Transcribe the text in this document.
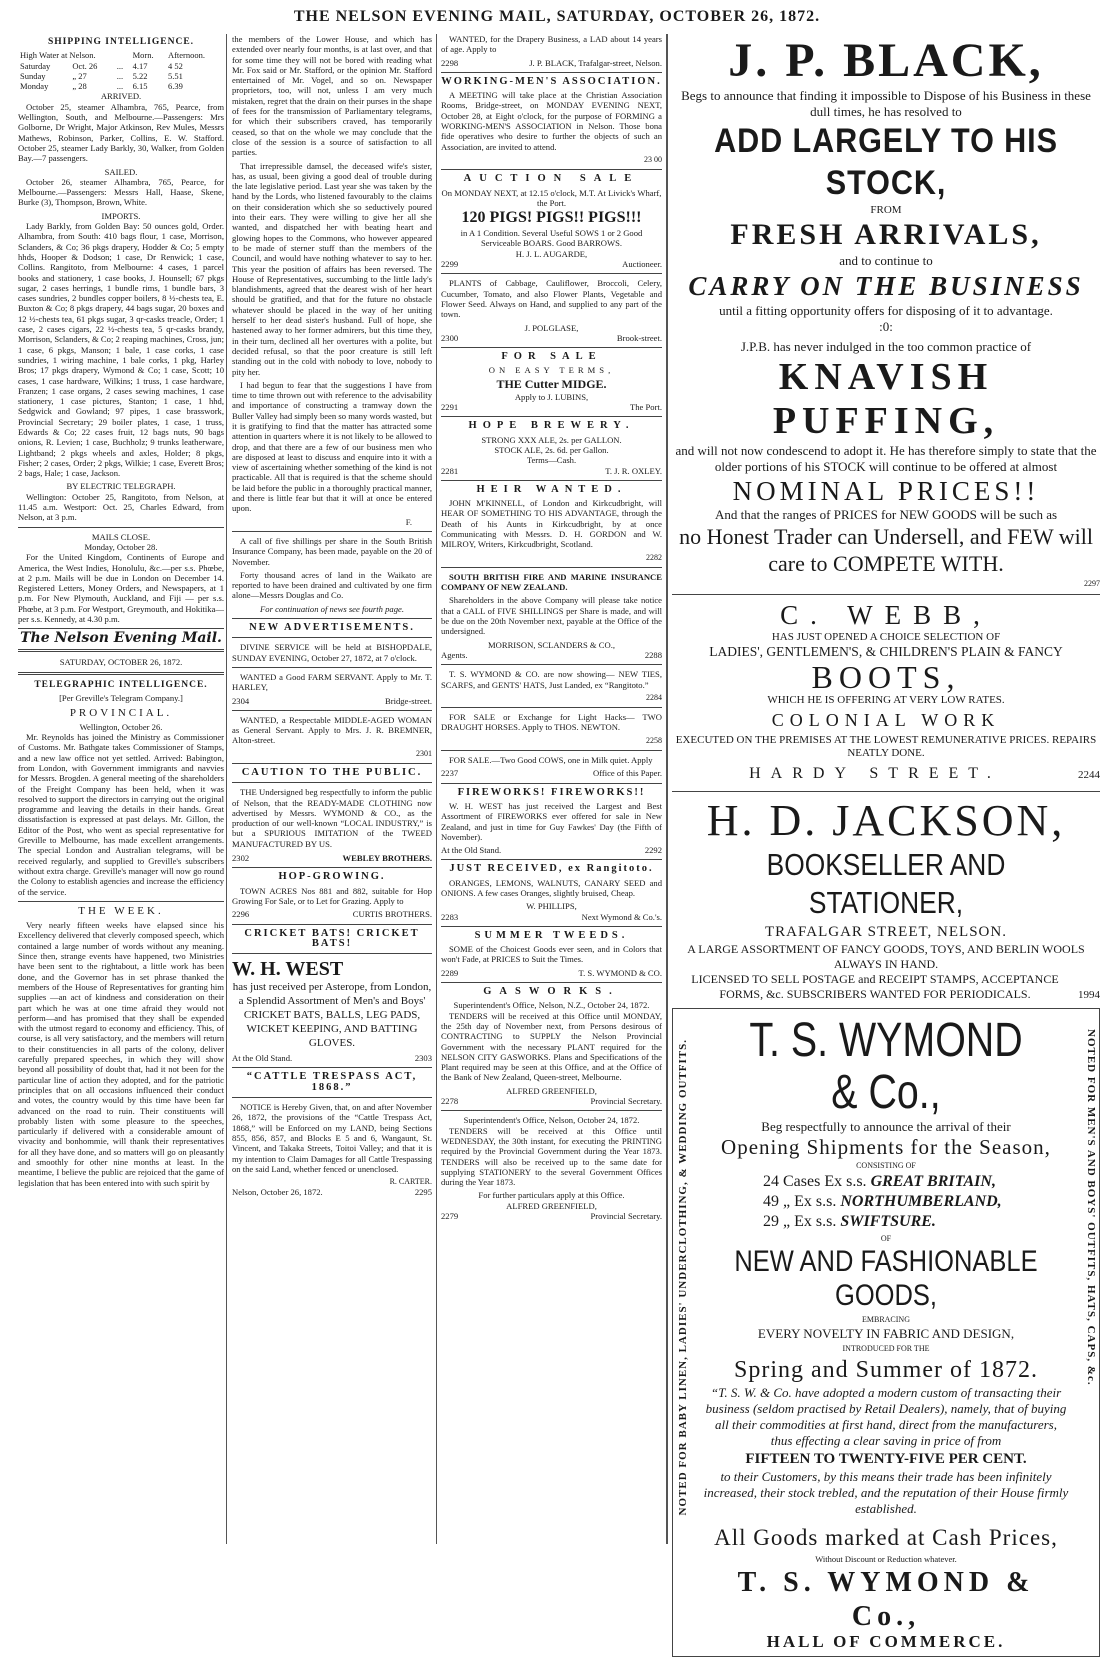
THE NELSON EVENING MAIL, SATURDAY, OCTOBER 26, 1872.
SHIPPING INTELLIGENCE.
High Water at Nelson.			Morn.	Afternoon.
Saturday	Oct. 26	...	4.17	4 52
Sunday	„ 27	...	5.22	5.51
Monday	„ 28	...	6.15	6.39
ARRIVED.

October 25, steamer Alhambra, 765, Pearce, from Wellington, South, and Melbourne.—Passengers: Mrs Golborne, Dr Wright, Major Atkinson, Rev Mules, Messrs Mathews, Robinson, Parker, Collins, E. W. Stafford. October 25, steamer Lady Barkly, 30, Walker, from Golden Bay.—7 passengers.

SAILED.

October 26, steamer Alhambra, 765, Pearce, for Melbourne.—Passengers: Messrs Hall, Haase, Skene, Burke (3), Thompson, Brown, White.

IMPORTS.

Lady Barkly, from Golden Bay: 50 ounces gold, Order. Alhambra, from South: 410 bags flour, 1 case, Morrison, Sclanders, & Co; 36 pkgs drapery, Hodder & Co; 5 empty hhds, Hooper & Dodson; 1 case, Dr Renwick; 1 case, Collins. Rangitoto, from Melbourne: 4 cases, 1 parcel books and stationery, 1 case books, J. Hounsell; 67 pkgs sugar, 2 cases herrings, 1 bundle rims, 1 bundle bars, 3 cases sundries, 2 bundles copper boilers, 8 ½-chests tea, E. Buxton & Co; 8 pkgs drapery, 44 bags sugar, 20 boxes and 12 ½-chests tea, 61 pkgs sugar, 3 qr-casks treacle, Order; 1 case, 2 cases cigars, 22 ½-chests tea, 5 qr-casks brandy, Morrison, Sclanders, & Co; 2 reaping machines, Cross, jun; 1 case, 6 pkgs, Manson; 1 bale, 1 case corks, 1 case sundries, 1 wiring machine, 1 bale corks, 1 pkg, Harley Bros; 17 pkgs drapery, Wymond & Co; 1 case, Scott; 10 cases, 1 case hardware, Wilkins; 1 truss, 1 case hardware, Franzen; 1 case organs, 2 cases sewing machines, 1 case stationery, 1 case pictures, Stanton; 1 case, 1 hhd, Sedgwick and Gowland; 97 pipes, 1 case brasswork, Provincial Secretary; 29 boiler plates, 1 case, 1 truss, Edwards & Co; 22 cases fruit, 12 bags nuts, 90 bags onions, R. Levien; 1 case, Buchholz; 9 trunks leatherware, Lightband; 2 pkgs wheels and axles, Holder; 8 pkgs, Fisher; 2 cases, Order; 2 pkgs, Wilkie; 1 case, Everett Bros; 2 bags, Hale; 1 case, Jackson.

BY ELECTRIC TELEGRAPH.

Wellington: October 25, Rangitoto, from Nelson, at 11.45 a.m. Westport: Oct. 25, Charles Edward, from Nelson, at 3 p.m.

MAILS CLOSE.
Monday, October 28.

For the United Kingdom, Continents of Europe and America, the West Indies, Honolulu, &c.—per s.s. Phœbe, at 2 p.m. Mails will be due in London on December 14. Registered Letters, Money Orders, and Newspapers, at 1 p.m. For New Plymouth, Auckland, and Fiji — per s.s. Phœbe, at 3 p.m. For Westport, Greymouth, and Hokitika—per s.s. Kennedy, at 4.30 p.m.

The Nelson Evening Mail.
SATURDAY, OCTOBER 26, 1872.
TELEGRAPHIC INTELLIGENCE.
[Per Greville's Telegram Company.]
PROVINCIAL.
Wellington, October 26.

Mr. Reynolds has joined the Ministry as Commissioner of Customs. Mr. Bathgate takes Commissioner of Stamps, and a new law office not yet settled. Arrived: Babington, from London, with Government immigrants and navvies for Messrs. Brogden. A general meeting of the shareholders of the Freight Company has been held, when it was resolved to support the directors in carrying out the original programme and leaving the details in their hands. Great dissatisfaction is expressed at past delays. Mr. Gillon, the Editor of the Post, who went as special representative for Greville to Melbourne, has made excellent arrangements. The special London and Australian telegrams, will be received regularly, and supplied to Greville's subscribers without extra charge. Greville's manager will now go round the Colony to establish agencies and increase the efficiency of the service.

THE WEEK.

Very nearly fifteen weeks have elapsed since his Excellency delivered that cleverly composed speech, which contained a large number of words without any meaning. Since then, strange events have happened, two Ministries have been sent to the rightabout, a little work has been done, and the Governor has in set phrase thanked the members of the House of Representatives for granting him supplies —an act of kindness and consideration on their part which he was at one time afraid they would not perform—and has promised that they shall be expended with the utmost regard to economy and efficiency. This, of course, is all very satisfactory, and the members will return to their constituencies in all parts of the colony, deliver carefully prepared speeches, in which they will show beyond all possibility of doubt that, had it not been for the particular line of action they adopted, and for the patriotic principles that on all occasions influenced their conduct and votes, the country would by this time have been far advanced on the road to ruin. Their constituents will probably listen with some pleasure to the speeches, particularly if delivered with a considerable amount of vivacity and bonhommie, will thank their representatives for all they have done, and so matters will go on pleasantly and smoothly for other nine months at least. In the meantime, I believe the public are rejoiced that the game of legislation that has been entered into with such spirit by

the members of the Lower House, and which has extended over nearly four months, is at last over, and that for some time they will not be bored with reading what Mr. Fox said or Mr. Stafford, or the opinion Mr. Stafford entertained of Mr. Vogel, and so on. Newspaper proprietors, too, will not, unless I am very much mistaken, regret that the drain on their purses in the shape of fees for the transmission of Parliamentary telegrams, for which their subscribers craved, has temporarily ceased, so that on the whole we may conclude that the close of the session is a source of satisfaction to all parties.

That irrepressible damsel, the deceased wife's sister, has, as usual, been giving a good deal of trouble during the late legislative period. Last year she was taken by the hand by the Lords, who listened favourably to the claims on their consideration which she so seductively poured into their ears. They were willing to give her all she wanted, and dispatched her with beating heart and glowing hopes to the Commons, who however appeared to be made of sterner stuff than the members of the Council, and would have nothing whatever to say to her. This year the position of affairs has been reversed. The House of Representatives, succumbing to the little lady's blandishments, agreed that the dearest wish of her heart should be gratified, and that for the future no obstacle whatever should be placed in the way of her uniting herself to her dead sister's husband. Full of hope, she hastened away to her former admirers, but this time they, in their turn, declined all her overtures with a polite, but decided refusal, so that the poor creature is still left standing out in the cold with nobody to love, nobody to pity her.

I had begun to fear that the suggestions I have from time to time thrown out with reference to the advisability and importance of constructing a tramway down the Buller Valley had simply been so many words wasted, but it is gratifying to find that the matter has attracted some attention in quarters where it is not likely to be allowed to drop, and that there are a few of our business men who are disposed at least to discuss and enquire into it with a view of ascertaining whether something of the kind is not practicable. All that is required is that the scheme should be laid before the public in a thoroughly practical manner, and there is little fear but that it will at once be entered upon.

F.

A call of five shillings per share in the South British Insurance Company, has been made, payable on the 20 of November.

Forty thousand acres of land in the Waikato are reported to have been drained and cultivated by one firm alone—Messrs Douglas and Co.

For continuation of news see fourth page.
NEW ADVERTISEMENTS.

DIVINE SERVICE will be held at BISHOPDALE, SUNDAY EVENING, October 27, 1872, at 7 o'clock.

WANTED a Good FARM SERVANT. Apply to Mr. T. HARLEY,

2304	Bridge-street.

WANTED, a Respectable MIDDLE-AGED WOMAN as General Servant. Apply to Mrs. J. R. BREMNER, Alton-street.

2301
CAUTION TO THE PUBLIC.

THE Undersigned beg respectfully to inform the public of Nelson, that the READY-MADE CLOTHING now advertised by Messrs. WYMOND & CO., as the production of our well-known “LOCAL INDUSTRY,” is but a SPURIOUS IMITATION of the TWEED MANUFACTURED BY US.

2302	WEBLEY BROTHERS.
HOP-GROWING.

TOWN ACRES Nos 881 and 882, suitable for Hop Growing For Sale, or to Let for Grazing. Apply to

2296	CURTIS BROTHERS.
CRICKET BATS! CRICKET BATS!
W. H. WEST

has just received per Asterope, from London, a Splendid Assortment of Men's and Boys' CRICKET BATS, BALLS, LEG PADS, WICKET KEEPING, AND BATTING GLOVES.

At the Old Stand.	2303
“CATTLE TRESPASS ACT, 1868.”

NOTICE is Hereby Given, that, on and after November 26, 1872, the provisions of the “Cattle Trespass Act, 1868,” will be Enforced on my LAND, being Sections 855, 856, 857, and Blocks E 5 and 6, Wangaunt, St. Vincent, and Takaka Streets, Toitoi Valley; and that it is my intention to Claim Damages for all Cattle Trespassing on the said Land, whether fenced or unenclosed.

R. CARTER.
Nelson, October 26, 1872.	2295

WANTED, for the Drapery Business, a LAD about 14 years of age. Apply to

2298	J. P. BLACK, Trafalgar-street, Nelson.
WORKING-MEN'S ASSOCIATION.

A MEETING will take place at the Christian Association Rooms, Bridge-street, on MONDAY EVENING NEXT, October 28, at Eight o'clock, for the purpose of FORMING a WORKING-MEN'S ASSOCIATION in Nelson. Those bona fide operatives who desire to further the objects of such an Association, are invited to attend.

23 00
AUCTION SALE
On MONDAY NEXT, at 12.15 o'clock, M.T. At Livick's Wharf, the Port.
120 PIGS! PIGS!! PIGS!!!
in A 1 Condition. Several Useful SOWS 1 or 2 Good Serviceable BOARS. Good BARROWS.
H. J. L. AUGARDE,
2299	Auctioneer.

PLANTS of Cabbage, Cauliflower, Broccoli, Celery, Cucumber, Tomato, and also Flower Plants, Vegetable and Flower Seed. Always on Hand, and supplied to any part of the town.

J. POLGLASE,
2300	Brook-street.
FOR SALE
ON EASY TERMS,
THE Cutter MIDGE.
Apply to J. LUBINS,
2291	The Port.
HOPE BREWERY.
STRONG XXX ALE, 2s. per GALLON.
STOCK ALE, 2s. 6d. per Gallon.
Terms—Cash.
2281	T. J. R. OXLEY.
HEIR WANTED.

JOHN M'KINNELL, of London and Kirkcudbright, will HEAR OF SOMETHING TO HIS ADVANTAGE, through the Death of his Aunts in Kirkcudbright, by at once Communicating with Messrs. D. H. GORDON and W. MILROY, Writers, Kirkcudbright, Scotland.

2282

SOUTH BRITISH FIRE AND MARINE INSURANCE COMPANY OF NEW ZEALAND.

Shareholders in the above Company will please take notice that a CALL of FIVE SHILLINGS per Share is made, and will be due on the 20th November next, payable at the Office of the undersigned.

MORRISON, SCLANDERS & CO.,
Agents.	2288

T. S. WYMOND & CO. are now showing— NEW TIES, SCARFS, and GENTS' HATS, Just Landed, ex “Rangitoto.”

2284

FOR SALE or Exchange for Light Hacks— TWO DRAUGHT HORSES. Apply to THOS. NEWTON.

2258

FOR SALE.—Two Good COWS, one in Milk quiet. Apply

2237	Office of this Paper.
FIREWORKS! FIREWORKS!!

W. H. WEST has just received the Largest and Best Assortment of FIREWORKS ever offered for sale in New Zealand, and just in time for Guy Fawkes' Day (the Fifth of November).

At the Old Stand.	2292
JUST RECEIVED, ex Rangitoto.

ORANGES, LEMONS, WALNUTS, CANARY SEED and ONIONS. A few cases Oranges, slightly bruised, Cheap.

W. PHILLIPS,
2283	Next Wymond & Co.'s.
SUMMER TWEEDS.

SOME of the Choicest Goods ever seen, and in Colors that won't Fade, at PRICES to Suit the Times.

2289	T. S. WYMOND & CO.
GASWORKS.
Superintendent's Office, Nelson, N.Z., October 24, 1872.

TENDERS will be received at this Office until MONDAY, the 25th day of November next, from Persons desirous of CONTRACTING to SUPPLY the Nelson Provincial Government with the necessary PLANT required for the NELSON CITY GASWORKS. Plans and Specifications of the Plant required may be seen at this Office, and at the Office of the Bank of New Zealand, Queen-street, Melbourne.

ALFRED GREENFIELD,
2278	Provincial Secretary.
Superintendent's Office, Nelson, October 24, 1872.

TENDERS will be received at this Office until WEDNESDAY, the 30th instant, for executing the PRINTING required by the Provincial Government during the Year 1873. TENDERS will also be received up to the same date for supplying STATIONERY to the several Government Offices during the Year 1873.

For further particulars apply at this Office.
ALFRED GREENFIELD,
2279	Provincial Secretary.
J. P. BLACK,
Begs to announce that finding it impossible to Dispose of his Business in these dull times, he has resolved to
ADD LARGELY TO HIS STOCK,
FROM
FRESH ARRIVALS,
and to continue to
CARRY ON THE BUSINESS
until a fitting opportunity offers for disposing of it to advantage.
:0:
J.P.B. has never indulged in the too common practice of
KNAVISH PUFFING,
and will not now condescend to adopt it. He has therefore simply to state that the older portions of his STOCK will continue to be offered at almost
NOMINAL PRICES!!
And that the ranges of PRICES for NEW GOODS will be such as
no Honest Trader can Undersell, and FEW will care to COMPETE WITH.
2297
C. WEBB,
HAS JUST OPENED A CHOICE SELECTION OF
LADIES', GENTLEMEN'S, & CHILDREN'S PLAIN & FANCY
BOOTS,
WHICH HE IS OFFERING AT VERY LOW RATES.
COLONIAL WORK
EXECUTED ON THE PREMISES AT THE LOWEST REMUNERATIVE PRICES. REPAIRS NEATLY DONE.
HARDY STREET.	2244
H. D. JACKSON,
BOOKSELLER AND STATIONER,
TRAFALGAR STREET, NELSON.
A LARGE ASSORTMENT OF FANCY GOODS, TOYS, AND BERLIN WOOLS ALWAYS IN HAND.
LICENSED TO SELL POSTAGE and RECEIPT STAMPS, ACCEPTANCE FORMS, &c. SUBSCRIBERS WANTED FOR PERIODICALS.	1994
NOTED FOR BABY LINEN, LADIES' UNDERCLOTHING, & WEDDING OUTFITS.	NOTED FOR MEN'S AND BOYS' OUTFITS, HATS, CAPS, &c.
T. S. WYMOND & Co.,
Beg respectfully to announce the arrival of their
Opening Shipments for the Season,
CONSISTING OF
24 Cases Ex s.s. GREAT BRITAIN,
49 „ Ex s.s. NORTHUMBERLAND,
29 „ Ex s.s. SWIFTSURE.
OF
NEW AND FASHIONABLE GOODS,
EMBRACING
EVERY NOVELTY IN FABRIC AND DESIGN,
INTRODUCED FOR THE
Spring and Summer of 1872.
“T. S. W. & Co. have adopted a modern custom of transacting their business (seldom practised by Retail Dealers), namely, that of buying all their commodities at first hand, direct from the manufacturers, thus effecting a clear saving in price of from
FIFTEEN TO TWENTY-FIVE PER CENT.
to their Customers, by this means their trade has been infinitely increased, their stock trebled, and the reputation of their House firmly established.
All Goods marked at Cash Prices,
Without Discount or Reduction whatever.
T. S. WYMOND & Co.,
HALL OF COMMERCE.
